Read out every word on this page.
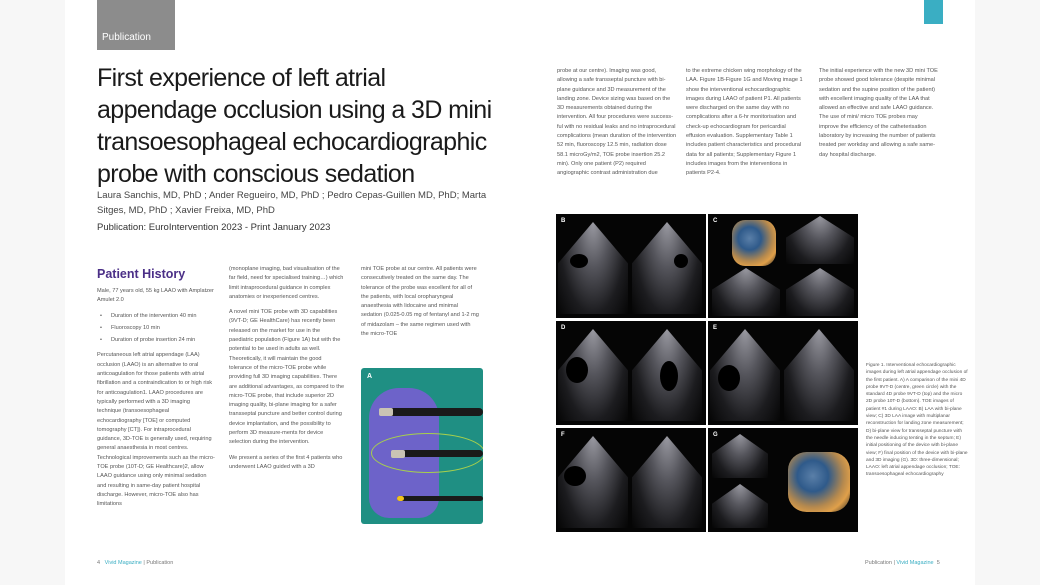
Publication
First experience of left atrial appendage occlusion using a 3D mini transoesophageal echocardiographic probe with conscious sedation
Laura Sanchis, MD, PhD ; Ander Regueiro, MD, PhD ; Pedro Cepas-Guillen MD, PhD; Marta Sitges, MD, PhD ; Xavier Freixa, MD, PhD
Publication: EuroIntervention 2023 - Print January 2023
Patient History

Male, 77 years old, 55 kg LAAO with Amplatzer Amulet 2.0

• Duration of the intervention 40 min
• Fluoroscopy 10 min
• Duration of probe insertion 24 min

Percutaneous left atrial appendage (LAA) occlusion (LAAO) is an alternative to oral anticoagulation for those patients with atrial fibrillation and a contraindication to or high risk for anticoagulation1. LAAO procedures are typically performed with a 3D imaging technique (transoesophageal echocardiography [TOE] or computed tomography [CT]). For intraprocedural guidance, 3D-TOE is generally used, requiring general anaesthesia in most centres. Technological improvements such as the micro-TOE probe (10T-D; GE Healthcare)2, allow LAAO guidance using only minimal sedation and resulting in same-day patient hospital discharge. However, micro-TOE also has limitations

(monoplane imaging, bad visualisation of the far field, need for specialised training…) which limit intraprocedural guidance in complex anatomies or inexperienced centres.

A novel mini TOE probe with 3D capabilities (9VT-D; GE HealthCare) has recently been released on the market for use in the paediatric population (Figure 1A) but with the potential to be used in adults as well. Theoretically, it will maintain the good tolerance of the micro-TOE probe while providing full 3D imaging capabilities. There are additional advantages, as compared to the micro-TOE probe, that include superior 2D imaging quality, bi-plane imaging for a safer transseptal puncture and better control during device implantation, and the possibility to perform 3D measure-ments for device selection during the intervention.

We present a series of the first 4 patients who underwent LAAO guided with a 3D

mini TOE probe at our centre. All patients were consecutively treated on the same day. The tolerance of the probe was excellent for all of the patients, with local oropharyngeal anaesthesia with lidocaine and minimal sedation (0.025-0.05 mg of fentanyl and 1-2 mg of midazolam – the same regimen used with the micro-TOE

A

probe at our centre). Imaging was good, allowing a safe transseptal puncture with bi-plane guidance and 3D measurement of the landing zone. Device sizing was based on the 3D measurements obtained during the intervention. All four procedures were success- ful with no residual leaks and no intraprocedural complications (mean duration of the intervention 52 min, fluoroscopy 12.5 min, radiation dose 58.1 microGy/m2, TOE probe insertion 25.2 min). Only one patient (P2) required angiographic contrast administration due

to the extreme chicken wing morphology of the LAA. Figure 1B-Figure 1G and Moving image 1 show the interventional echocardiographic images during LAAO of patient P1. All patients were discharged on the same day with no complications after a 6-hr monitorisation and check-up echocardiogram for pericardial effusion evaluation. Supplementary Table 1 includes patient characteristics and procedural data for all patients; Supplementary Figure 1 includes images from the interventions in patients P2-4.

The initial experience with the new 3D mini TOE probe showed good tolerance (despite minimal sedation and the supine position of the patient) with excellent imaging quality of the LAA that allowed an effective and safe LAAO guidance. The use of mini/ micro TOE probes may improve the efficiency of the catheterisation laboratory by increasing the number of patients treated per workday and allowing a safe same-day hospital discharge.

B	C
D	E
F	G
Figure 1. Interventional echocardiographic images during left atrial appendage occlusion of the first patient. A) A comparison of the mini 4D probe 9VT-D (centre, green circle) with the standard 4D probe 9VT-D (top) and the micro 2D probe 10T-D (bottom). TOE images of patient #1 during LAAO: B) LAA with bi-plane view; C) 3D LAA image with multiplanar reconstruction for landing zone measurement; D) bi-plane view for transseptal puncture with the needle inducing tenting in the septum; E) initial positioning of the device with bi-plane view; F) final position of the device with bi-plane and 3D imaging (G). 3D: three-dimensional; LAAO: left atrial appendage occlusion; TOE: transoesophageal echocardiography
4 Vivid Magazine | Publication	Publication | Vivid Magazine 5
